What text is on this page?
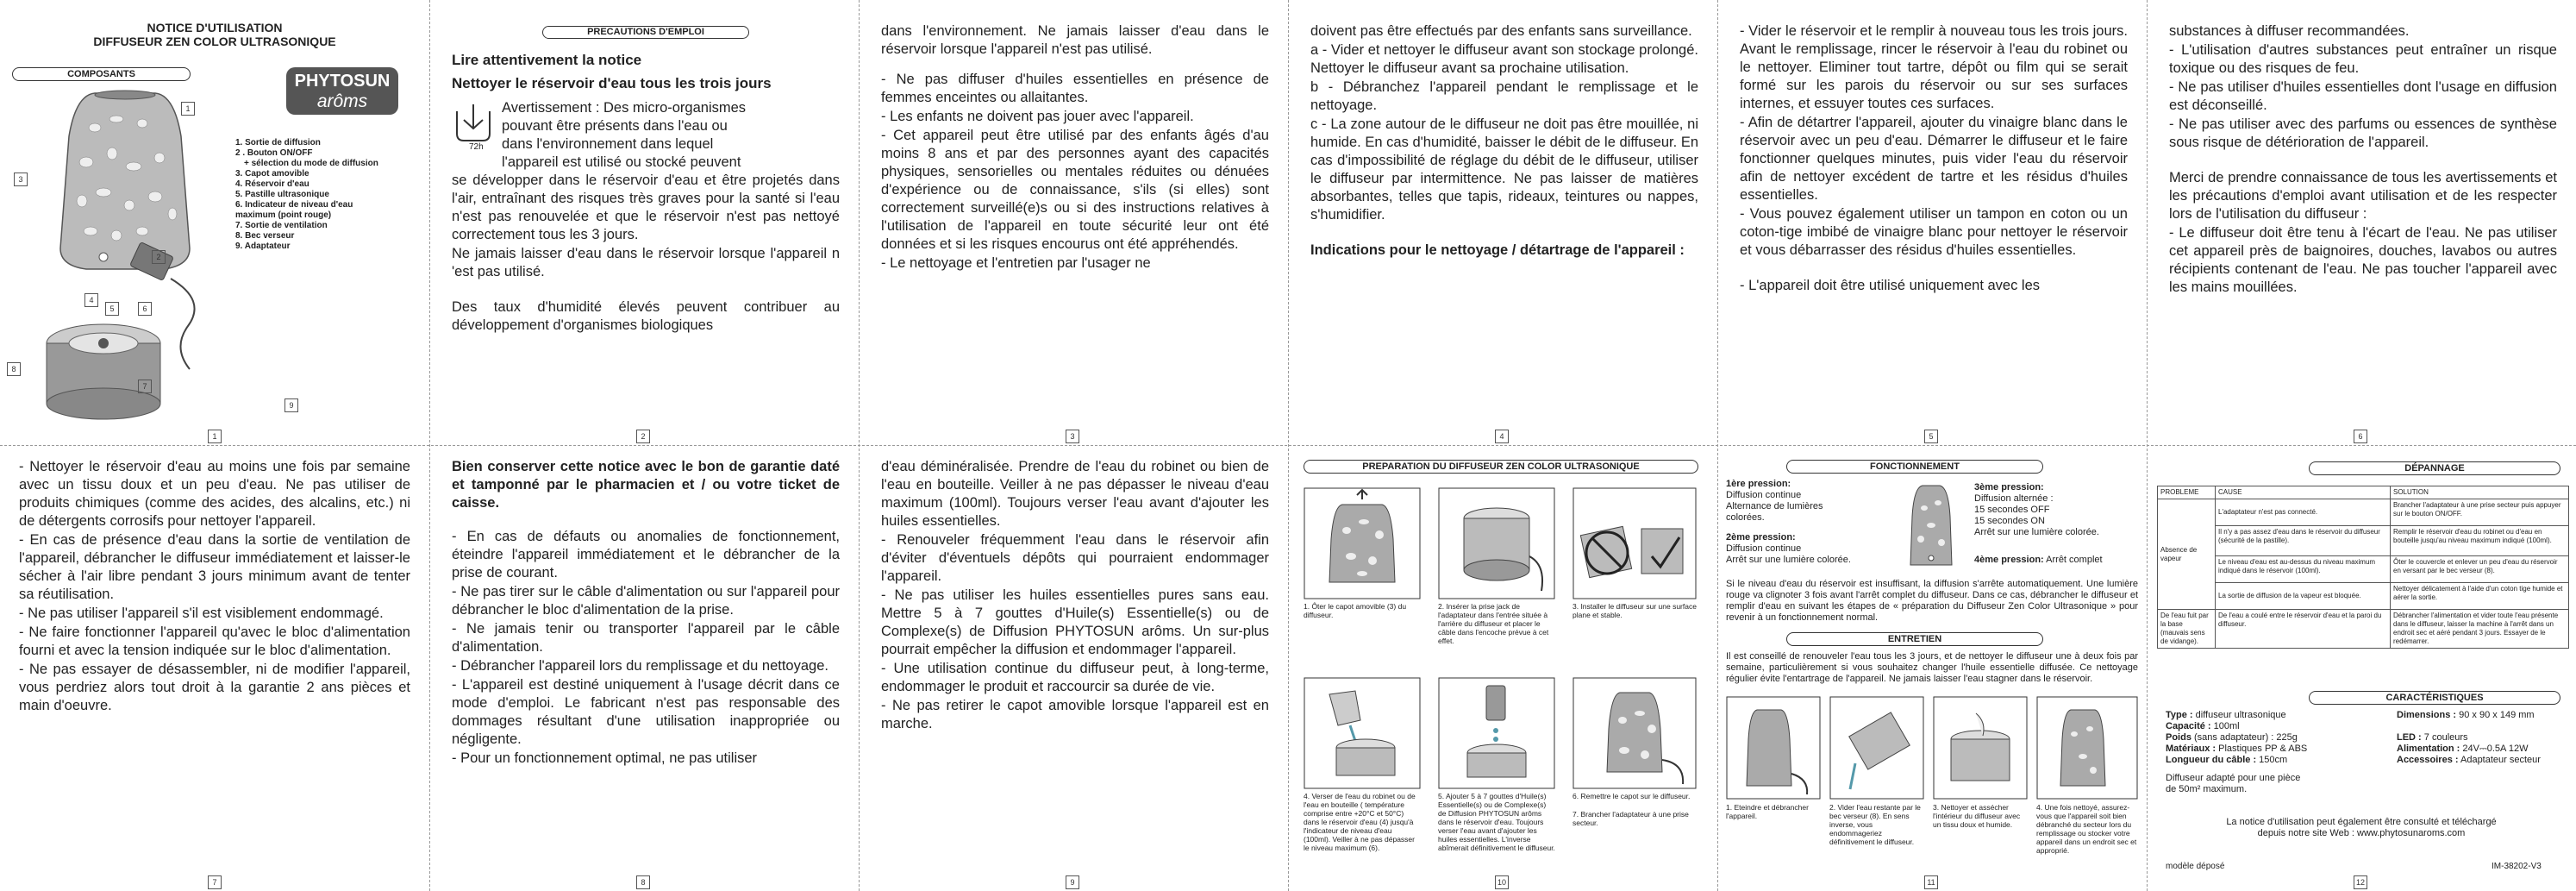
1	2	3	4	5	6
7	8	9	10	11	12
NOTICE D'UTILISATION
DIFFUSEUR ZEN COLOR ULTRASONIQUE
COMPOSANTS	PHYTOSUN
arôms
1
2
3
4
5	6
7
8
9
1. Sortie de diffusion
2 . Bouton ON/OFF
+ sélection du mode de diffusion
3. Capot amovible
4. Réservoir d'eau
5. Pastille ultrasonique
6. Indicateur de niveau d'eau
maximum (point rouge)
7. Sortie de ventilation
8. Bec verseur
9. Adaptateur
PRECAUTIONS D'EMPLOI
Lire attentivement la notice
Nettoyer le réservoir d'eau tous les trois jours
72h
Avertissement : Des micro-organismes
pouvant être présents dans l'eau ou
dans l'environnement dans lequel
l'appareil est utilisé ou stocké peuvent

se développer dans le réservoir d'eau et être projetés dans l'air, entraînant des risques très graves pour la santé si l'eau n'est pas renouvelée et que le réservoir n'est pas nettoyé correctement tous les 3 jours.

Ne jamais laisser d'eau dans le réservoir lorsque l'appareil n 'est pas utilisé.

Des taux d'humidité élevés peuvent contribuer au développement d'organismes biologiques

dans l'environnement. Ne jamais laisser d'eau dans le réservoir lorsque l'appareil n'est pas utilisé.

- Ne pas diffuser d'huiles essentielles en présence de femmes enceintes ou allaitantes.

- Les enfants ne doivent pas jouer avec l'appareil.

- Cet appareil peut être utilisé par des enfants âgés d'au moins 8 ans et par des personnes ayant des capacités physiques, sensorielles ou mentales réduites ou dénuées d'expérience ou de connaissance, s'ils (si elles) sont correctement surveillé(e)s ou si des instructions relatives à l'utilisation de l'appareil en toute sécurité leur ont été données et si les risques encourus ont été appréhendés.

- Le nettoyage et l'entretien par l'usager ne

doivent pas être effectués par des enfants sans surveillance.

a - Vider et nettoyer le diffuseur avant son stockage prolongé. Nettoyer le diffuseur avant sa prochaine utilisation.

b - Débranchez l'appareil pendant le remplissage et le nettoyage.

c - La zone autour de le diffuseur ne doit pas être mouillée, ni humide. En cas d'humidité, baisser le débit de le diffuseur. En cas d'impossibilité de réglage du débit de le diffuseur, utiliser le diffuseur par intermittence. Ne pas laisser de matières absorbantes, telles que tapis, rideaux, teintures ou nappes, s'humidifier.

Indications pour le nettoyage / détartrage de l'appareil :

- Vider le réservoir et le remplir à nouveau tous les trois jours. Avant le remplissage, rincer le réservoir à l'eau du robinet ou le nettoyer. Eliminer tout tartre, dépôt ou film qui se serait formé sur les parois du réservoir ou sur ses surfaces internes, et essuyer toutes ces surfaces.

- Afin de détartrer l'appareil, ajouter du vinaigre blanc dans le réservoir avec un peu d'eau. Démarrer le diffuseur et le faire fonctionner quelques minutes, puis vider l'eau du réservoir afin de nettoyer excédent de tartre et les résidus d'huiles essentielles.

- Vous pouvez également utiliser un tampon en coton ou un coton-tige imbibé de vinaigre blanc pour nettoyer le réservoir et vous débarrasser des résidus d'huiles essentielles.

- L'appareil doit être utilisé uniquement avec les

substances à diffuser recommandées.

- L'utilisation d'autres substances peut entraîner un risque toxique ou des risques de feu.

- Ne pas utiliser d'huiles essentielles dont l'usage en diffusion est déconseillé.

- Ne pas utiliser avec des parfums ou essences de synthèse sous risque de détérioration de l'appareil.

Merci de prendre connaissance de tous les avertissements et les précautions d'emploi avant utilisation et de les respecter lors de l'utilisation du diffuseur :

- Le diffuseur doit être tenu à l'écart de l'eau. Ne pas utiliser cet appareil près de baignoires, douches, lavabos ou autres récipients contenant de l'eau. Ne pas toucher l'appareil avec les mains mouillées.

- Nettoyer le réservoir d'eau au moins une fois par semaine avec un tissu doux et un peu d'eau. Ne pas utiliser de produits chimiques (comme des acides, des alcalins, etc.) ni de détergents corrosifs pour nettoyer l'appareil.

- En cas de présence d'eau dans la sortie de ventilation de l'appareil, débrancher le diffuseur immédiatement et laisser-le sécher à l'air libre pendant 3 jours minimum avant de tenter sa réutilisation.

- Ne pas utiliser l'appareil s'il est visiblement endommagé.

- Ne faire fonctionner l'appareil qu'avec le bloc d'alimentation fourni et avec la tension indiquée sur le bloc d'alimentation.

- Ne pas essayer de désassembler, ni de modifier l'appareil, vous perdriez alors tout droit à la garantie 2 ans pièces et main d'oeuvre.

Bien conserver cette notice avec le bon de garantie daté et tamponné par le pharmacien et / ou votre ticket de caisse.

- En cas de défauts ou anomalies de fonctionnement, éteindre l'appareil immédiatement et le débrancher de la prise de courant.

- Ne pas tirer sur le câble d'alimentation ou sur l'appareil pour débrancher le bloc d'alimentation de la prise.

- Ne jamais tenir ou transporter l'appareil par le câble d'alimentation.

- Débrancher l'appareil lors du remplissage et du nettoyage.

- L'appareil est destiné uniquement à l'usage décrit dans ce mode d'emploi. Le fabricant n'est pas responsable des dommages résultant d'une utilisation inappropriée ou négligente.

- Pour un fonctionnement optimal, ne pas utiliser

d'eau déminéralisée. Prendre de l'eau du robinet ou bien de l'eau en bouteille. Veiller à ne pas dépasser le niveau d'eau maximum (100ml). Toujours verser l'eau avant d'ajouter les huiles essentielles.

- Renouveler fréquemment l'eau dans le réservoir afin d'éviter d'éventuels dépôts qui pourraient endommager l'appareil.

- Ne pas utiliser les huiles essentielles pures sans eau. Mettre 5 à 7 gouttes d'Huile(s) Essentielle(s) ou de Complexe(s) de Diffusion PHYTOSUN arôms. Un sur-plus pourrait empêcher la diffusion et endommager l'appareil.

- Une utilisation continue du diffuseur peut, à long-terme, endommager le produit et raccourcir sa durée de vie.

- Ne pas retirer le capot amovible lorsque l'appareil est en marche.

PREPARATION DU DIFFUSEUR ZEN COLOR ULTRASONIQUE
1. Ôter le capot amovible (3) du diffuseur.
2. Insérer la prise jack de l'adaptateur dans l'entrée située à l'arrière du diffuseur et placer le câble dans l'encoche prévue à cet effet.
3. Installer le diffuseur sur une surface plane et stable.
4. Verser de l'eau du robinet ou de l'eau en bouteille ( température comprise entre +20°C et 50°C) dans le réservoir d'eau (4) jusqu'à l'indicateur de niveau d'eau (100ml). Veiller à ne pas dépasser le niveau maximum (6).
5. Ajouter 5 à 7 gouttes d'Huile(s) Essentielle(s) ou de Complexe(s) de Diffusion PHYTOSUN arôms dans le réservoir d'eau. Toujours verser l'eau avant d'ajouter les huiles essentielles. L'inverse abîmerait définitivement le diffuseur.
6. Remettre le capot sur le diffuseur.
7. Brancher l'adaptateur à une prise secteur.
FONCTIONNEMENT
1ère pression:
Diffusion continue
Alternance de lumières colorées.
2ème pression:
Diffusion continue
Arrêt sur une lumière colorée.
3ème pression:
Diffusion alternée :
15 secondes OFF
15 secondes ON
Arrêt sur une lumière colorée.
4ème pression: Arrêt complet
Si le niveau d'eau du réservoir est insuffisant, la diffusion s'arrête automatiquement. Une lumière rouge va clignoter 3 fois avant l'arrêt complet du diffuseur. Dans ce cas, débrancher le diffuseur et remplir d'eau en suivant les étapes de « préparation du Diffuseur Zen Color Ultrasonique » pour revenir à un fonctionnement normal.
ENTRETIEN
Il est conseillé de renouveler l'eau tous les 3 jours, et de nettoyer le diffuseur une à deux fois par semaine, particulièrement si vous souhaitez changer l'huile essentielle diffusée. Ce nettoyage régulier évite l'entartrage de l'appareil. Ne jamais laisser l'eau stagner dans le réservoir.
1. Eteindre et débrancher l'appareil.
2. Vider l'eau restante par le bec verseur (8). En sens inverse, vous endommageriez définitivement le diffuseur.
3. Nettoyer et assécher l'intérieur du diffuseur avec un tissu doux et humide.
4. Une fois nettoyé, assurez-vous que l'appareil soit bien débranché du secteur lors du remplissage ou stocker votre appareil dans un endroit sec et approprié.
DÉPANNAGE
PROBLEME	CAUSE	SOLUTION
Absence de vapeur	L'adaptateur n'est pas connecté.	Brancher l'adaptateur à une prise secteur puis appuyer sur le bouton ON/OFF.
	Il n'y a pas assez d'eau dans le réservoir du diffuseur (sécurité de la pastille).	Remplir le réservoir d'eau du robinet ou d'eau en bouteille jusqu'au niveau maximum indiqué (100ml).
	Le niveau d'eau est au-dessus du niveau maximum indiqué dans le réservoir (100ml).	Ôter le couvercle et enlever un peu d'eau du réservoir en versant par le bec verseur (8).
	La sortie de diffusion de la vapeur est bloquée.	Nettoyer délicatement à l'aide d'un coton tige humide et aérer la sortie.
De l'eau fuit par la base (mauvais sens de vidange).	De l'eau a coulé entre le réservoir d'eau et la paroi du diffuseur.	Débrancher l'alimentation et vider toute l'eau présente dans le diffuseur, laisser la machine à l'arrêt dans un endroit sec et aéré pendant 3 jours. Essayer de le redémarrer.
CARACTÉRISTIQUES
Type : diffuseur ultrasonique
Capacité : 100ml
Poids (sans adaptateur) : 225g
Matériaux : Plastiques PP & ABS
Longueur du câble : 150cm
Diffuseur adapté pour une pièce
de 50m² maximum.
Dimensions : 90 x 90 x 149 mm
LED : 7 couleurs
Alimentation : 24V⎓0.5A 12W
Accessoires : Adaptateur secteur
La notice d'utilisation peut également être consulté et téléchargé
depuis notre site Web : www.phytosunaroms.com
modèle déposé	IM-38202-V3
